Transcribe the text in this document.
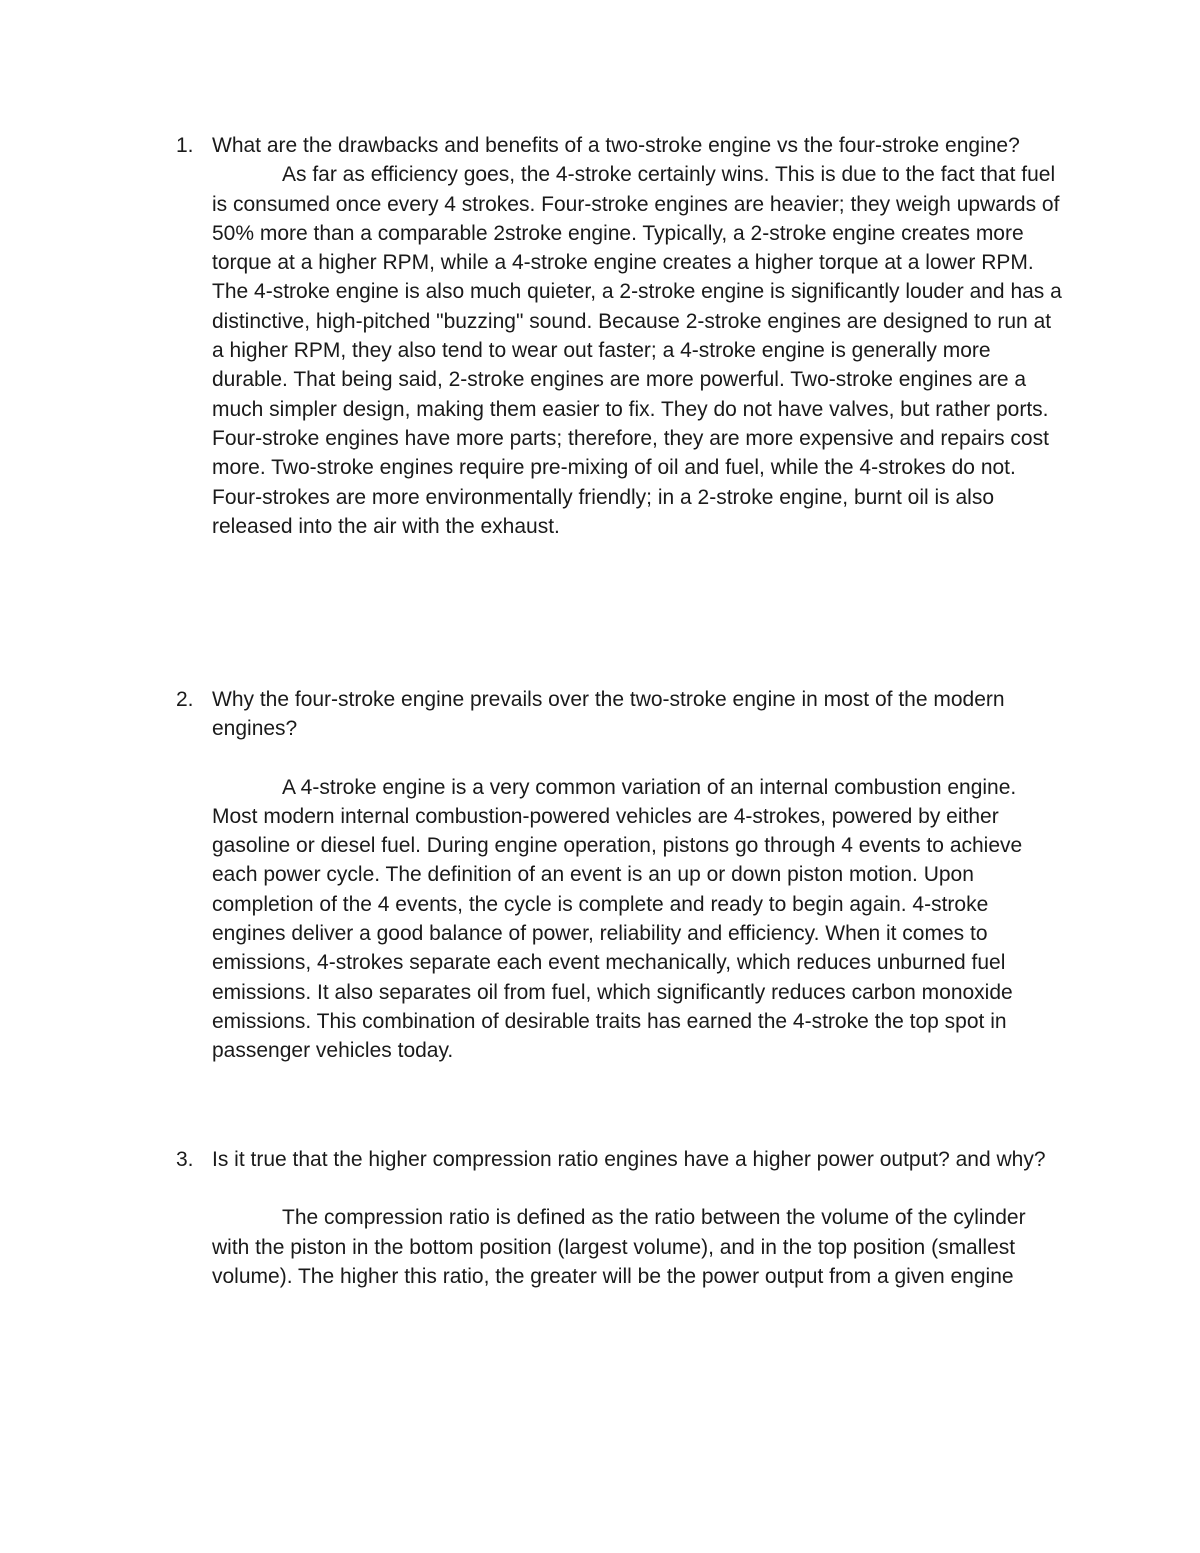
1. What are the drawbacks and benefits of a two-stroke engine vs the four-stroke engine?

As far as efficiency goes, the 4-stroke certainly wins. This is due to the fact that fuel is consumed once every 4 strokes. Four-stroke engines are heavier; they weigh upwards of 50% more than a comparable 2stroke engine. Typically, a 2-stroke engine creates more torque at a higher RPM, while a 4-stroke engine creates a higher torque at a lower RPM. The 4-stroke engine is also much quieter, a 2-stroke engine is significantly louder and has a distinctive, high-pitched "buzzing" sound. Because 2-stroke engines are designed to run at a higher RPM, they also tend to wear out faster; a 4-stroke engine is generally more durable. That being said, 2-stroke engines are more powerful. Two-stroke engines are a much simpler design, making them easier to fix. They do not have valves, but rather ports. Four-stroke engines have more parts; therefore, they are more expensive and repairs cost more. Two-stroke engines require pre-mixing of oil and fuel, while the 4-strokes do not. Four-strokes are more environmentally friendly; in a 2-stroke engine, burnt oil is also released into the air with the exhaust.

2. Why the four-stroke engine prevails over the two-stroke engine in most of the modern engines?

A 4-stroke engine is a very common variation of an internal combustion engine. Most modern internal combustion-powered vehicles are 4-strokes, powered by either gasoline or diesel fuel. During engine operation, pistons go through 4 events to achieve each power cycle. The definition of an event is an up or down piston motion. Upon completion of the 4 events, the cycle is complete and ready to begin again. 4-stroke engines deliver a good balance of power, reliability and efficiency. When it comes to emissions, 4-strokes separate each event mechanically, which reduces unburned fuel emissions. It also separates oil from fuel, which significantly reduces carbon monoxide emissions. This combination of desirable traits has earned the 4-stroke the top spot in passenger vehicles today.

3. Is it true that the higher compression ratio engines have a higher power output? and why?

The compression ratio is defined as the ratio between the volume of the cylinder with the piston in the bottom position (largest volume), and in the top position (smallest volume). The higher this ratio, the greater will be the power output from a given engine
